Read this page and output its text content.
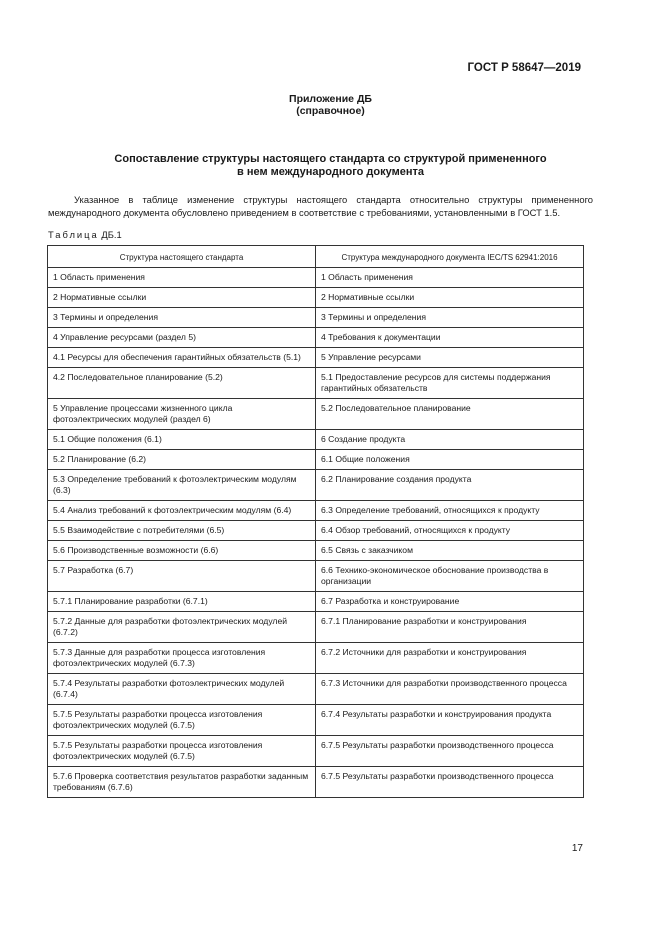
ГОСТ Р 58647—2019
Приложение ДБ
(справочное)
Сопоставление структуры настоящего стандарта со структурой примененного
в нем международного документа
Указанное в таблице изменение структуры настоящего стандарта относительно структуры примененного международного документа обусловлено приведением в соответствие с требованиями, установленными в ГОСТ 1.5.
Таблица ДБ.1
Структура настоящего стандарта	Структура международного документа IEC/TS 62941:2016
1 Область применения	1 Область применения
2 Нормативные ссылки	2 Нормативные ссылки
3 Термины и определения	3 Термины и определения
4 Управление ресурсами (раздел 5)	4 Требования к документации
4.1 Ресурсы для обеспечения гарантийных обязательств (5.1)	5 Управление ресурсами
4.2 Последовательное планирование (5.2)	5.1 Предоставление ресурсов для системы поддержания гарантийных обязательств
5 Управление процессами жизненного цикла фотоэлектрических модулей (раздел 6)	5.2 Последовательное планирование
5.1 Общие положения (6.1)	6 Создание продукта
5.2 Планирование (6.2)	6.1 Общие положения
5.3 Определение требований к фотоэлектрическим модулям (6.3)	6.2 Планирование создания продукта
5.4 Анализ требований к фотоэлектрическим модулям (6.4)	6.3 Определение требований, относящихся к продукту
5.5 Взаимодействие с потребителями (6.5)	6.4 Обзор требований, относящихся к продукту
5.6 Производственные возможности (6.6)	6.5 Связь с заказчиком
5.7 Разработка (6.7)	6.6 Технико-экономическое обоснование производства в организации
5.7.1 Планирование разработки (6.7.1)	6.7 Разработка и конструирование
5.7.2 Данные для разработки фотоэлектрических модулей (6.7.2)	6.7.1 Планирование разработки и конструирования
5.7.3 Данные для разработки процесса изготовления фотоэлектрических модулей (6.7.3)	6.7.2 Источники для разработки и конструирования
5.7.4 Результаты разработки фотоэлектрических модулей (6.7.4)	6.7.3 Источники для разработки производственного процесса
5.7.5 Результаты разработки процесса изготовления фотоэлектрических модулей (6.7.5)	6.7.4 Результаты разработки и конструирования продукта
5.7.5 Результаты разработки процесса изготовления фотоэлектрических модулей (6.7.5)	6.7.5 Результаты разработки производственного процесса
5.7.6 Проверка соответствия результатов разработки заданным требованиям (6.7.6)	6.7.5 Результаты разработки производственного процесса
17
